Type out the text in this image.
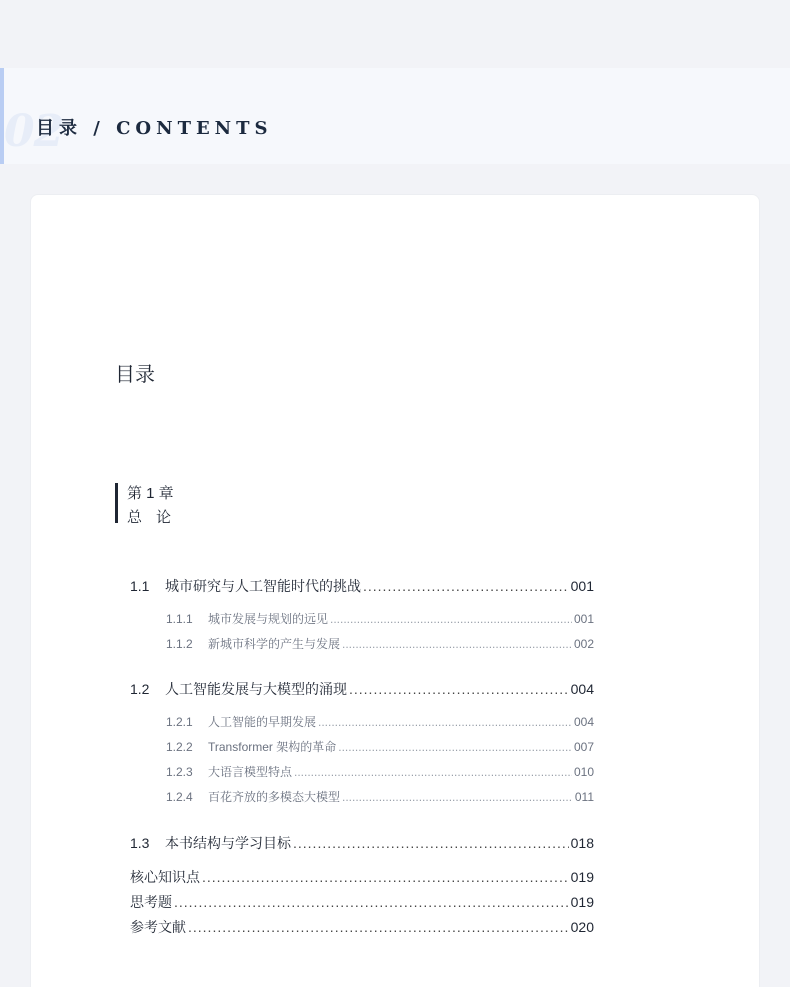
02
目录 / CONTENTS
目录
第 1 章
总论
1.1	城市研究与人工智能时代的挑战 .....	001
1.1.1	城市发展与规划的远见 .....	001
1.1.2	新城市科学的产生与发展 .....	002
1.2	人工智能发展与大模型的涌现 .....	004
1.2.1	人工智能的早期发展 .....	004
1.2.2	Transformer 架构的革命 .....	007
1.2.3	大语言模型特点 .....	010
1.2.4	百花齐放的多模态大模型 .....	011
1.3	本书结构与学习目标 .....	018
核心知识点 .....	019
思考题 .....	019
参考文献 .....	020
